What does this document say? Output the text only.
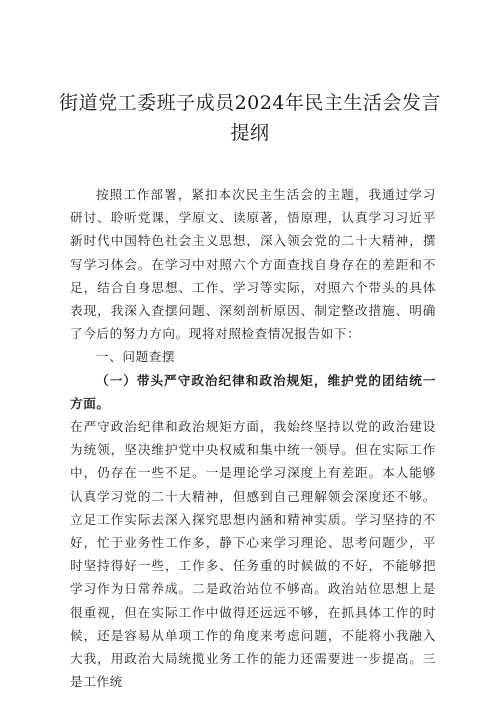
街道党工委班子成员2024年民主生活会发言
提纲

按照工作部署，紧扣本次民主生活会的主题，我通过学习研讨、聆听党课，学原文、读原著，悟原理，认真学习习近平新时代中国特色社会主义思想，深入领会党的二十大精神，撰写学习体会。在学习中对照六个方面查找自身存在的差距和不足，结合自身思想、工作、学习等实际，对照六个带头的具体表现，我深入查摆问题、深刻剖析原因、制定整改措施、明确了今后的努力方向。现将对照检查情况报告如下：

一、问题查摆

（一）带头严守政治纪律和政治规矩，维护党的团结统一方面。

在严守政治纪律和政治规矩方面，我始终坚持以党的政治建设为统领，坚决维护党中央权威和集中统一领导。但在实际工作中，仍存在一些不足。一是理论学习深度上有差距。本人能够认真学习党的二十大精神，但感到自己理解领会深度还不够。立足工作实际去深入探究思想内涵和精神实质。学习坚持的不好，忙于业务性工作多，静下心来学习理论、思考问题少，平时坚持得好一些，工作多、任务重的时候做的不好，不能够把学习作为日常养成。二是政治站位不够高。政治站位思想上是很重视，但在实际工作中做得还远远不够，在抓具体工作的时候，还是容易从单项工作的角度来考虑问题，不能将小我融入大我，用政治大局统揽业务工作的能力还需要进一步提高。三是工作统
